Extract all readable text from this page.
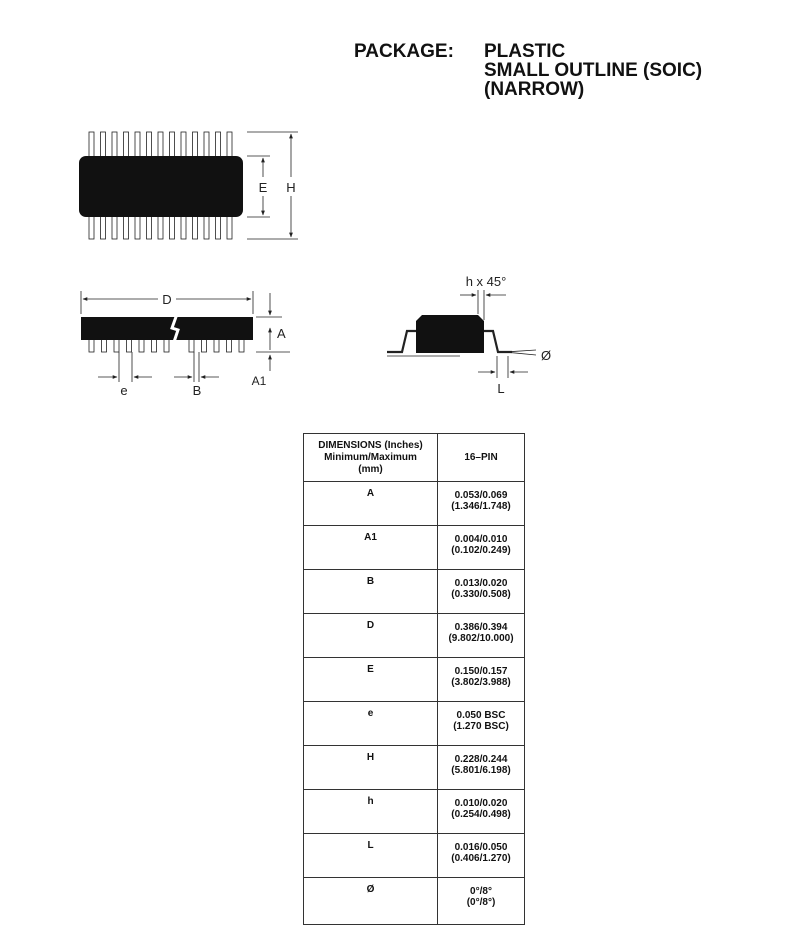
PACKAGE: PLASTIC
SMALL OUTLINE (SOIC)
(NARROW)
E H
D
A
A1
e	B
h x 45°
Ø
L
DIMENSIONS (Inches)
Minimum/Maximum
(mm)	16–PIN
A	0.053/0.069
(1.346/1.748)

A1	0.004/0.010
(0.102/0.249)

B	0.013/0.020
(0.330/0.508)

D	0.386/0.394
(9.802/10.000)

E	0.150/0.157
(3.802/3.988)

e	0.050 BSC
(1.270 BSC)

H	0.228/0.244
(5.801/6.198)

h	0.010/0.020
(0.254/0.498)

L	0.016/0.050
(0.406/1.270)

Ø	0°/8°
(0°/8°)
